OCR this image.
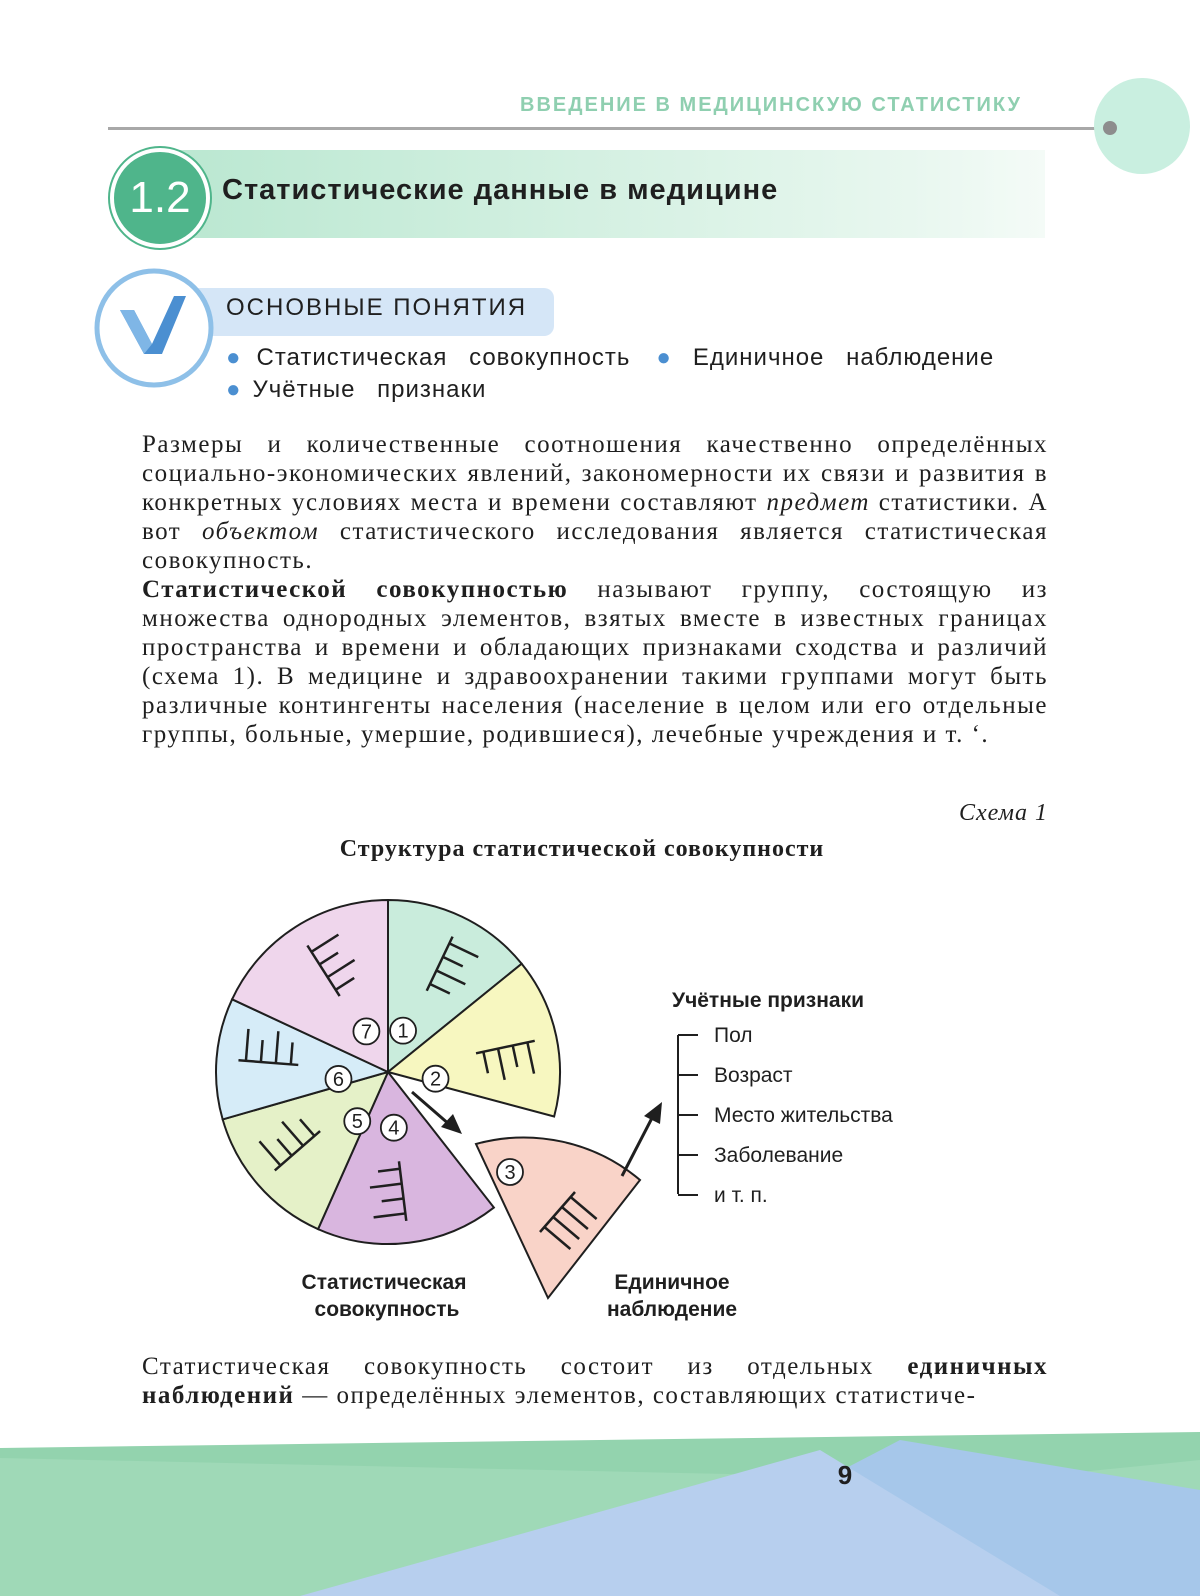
ВВЕДЕНИЕ В МЕДИЦИНСКУЮ СТАТИСТИКУ
1.2	Статистические данные в медицине
ОСНОВНЫЕ ПОНЯТИЯ
● Статистическая совокупность ● Единичное наблюдение
● Учётные признаки
Размеры и количественные соотношения качественно определённых социально-экономических явлений, закономерности их связи и развития в конкретных условиях места и времени составляют предмет статистики. А вот объектом статистического исследования является статистическая совокупность.
Статистической совокупностью называют группу, состоящую из множества однородных элементов, взятых вместе в известных границах пространства и времени и обладающих признаками сходства и различий (схема 1). В медицине и здравоохранении такими группами могут быть различные контингенты населения (население в целом или его отдельные группы, больные, умершие, родившиеся), лечебные учреждения и т. ‘.
Схема 1
Структура статистической совокупности
1
2
4
5
6
7
3
Учётные признаки
Пол
Возраст
Место жительства
Заболевание
и т. п.
Статистическая
совокупность
Единичное
наблюдение
Статистическая совокупность состоит из отдельных единичных наблюдений — определённых элементов, составляющих статистиче-
9
